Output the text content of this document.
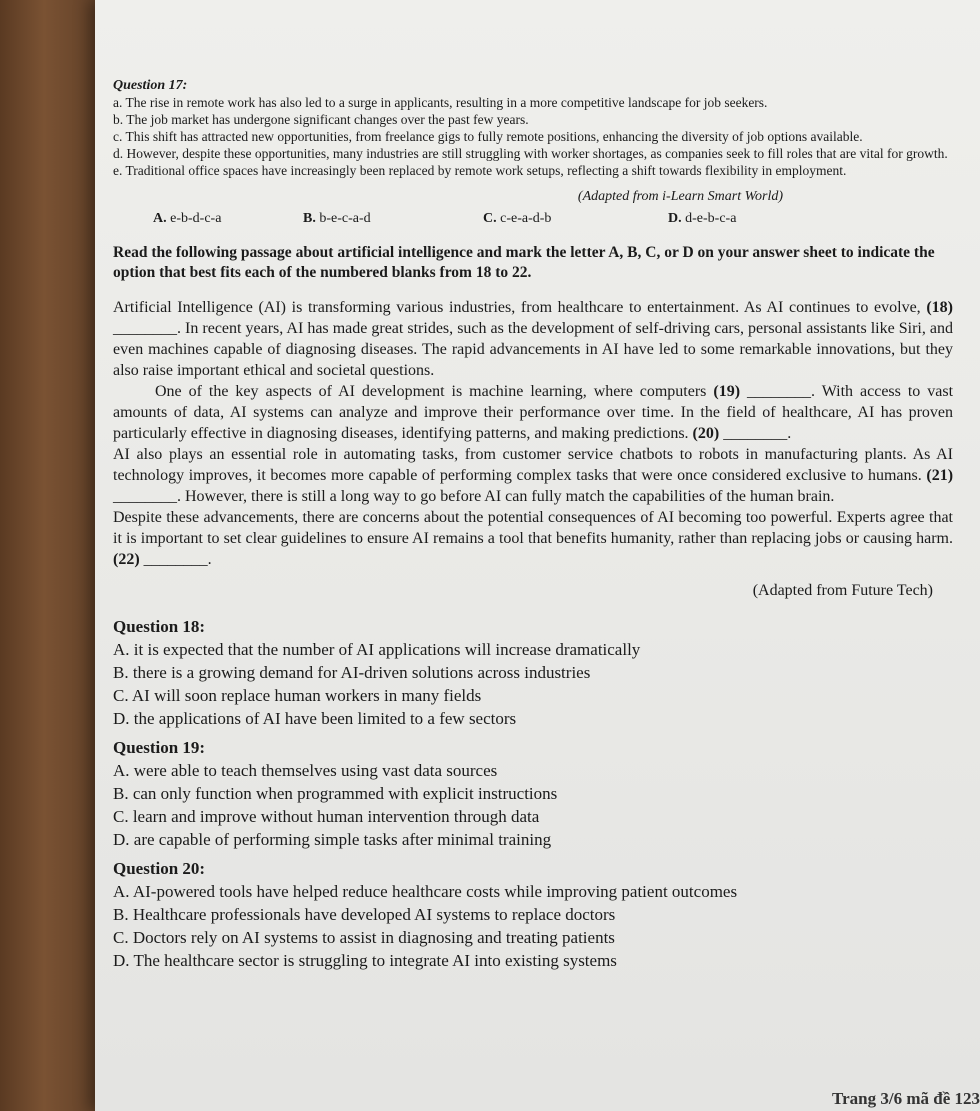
Question 17:

a. The rise in remote work has also led to a surge in applicants, resulting in a more competitive landscape for job seekers.

b. The job market has undergone significant changes over the past few years.

c. This shift has attracted new opportunities, from freelance gigs to fully remote positions, enhancing the diversity of job options available.

d. However, despite these opportunities, many industries are still struggling with worker shortages, as companies seek to fill roles that are vital for growth.

e. Traditional office spaces have increasingly been replaced by remote work setups, reflecting a shift towards flexibility in employment.

(Adapted from i-Learn Smart World)
A. e-b-d-c-a	B. b-e-c-a-d	C. c-e-a-d-b	D. d-e-b-c-a
Read the following passage about artificial intelligence and mark the letter A, B, C, or D on your answer sheet to indicate the option that best fits each of the numbered blanks from 18 to 22.

Artificial Intelligence (AI) is transforming various industries, from healthcare to entertainment. As AI continues to evolve, (18) ________. In recent years, AI has made great strides, such as the development of self-driving cars, personal assistants like Siri, and even machines capable of diagnosing diseases. The rapid advancements in AI have led to some remarkable innovations, but they also raise important ethical and societal questions.

One of the key aspects of AI development is machine learning, where computers (19) ________. With access to vast amounts of data, AI systems can analyze and improve their performance over time. In the field of healthcare, AI has proven particularly effective in diagnosing diseases, identifying patterns, and making predictions. (20) ________.

AI also plays an essential role in automating tasks, from customer service chatbots to robots in manufacturing plants. As AI technology improves, it becomes more capable of performing complex tasks that were once considered exclusive to humans. (21) ________. However, there is still a long way to go before AI can fully match the capabilities of the human brain.

Despite these advancements, there are concerns about the potential consequences of AI becoming too powerful. Experts agree that it is important to set clear guidelines to ensure AI remains a tool that benefits humanity, rather than replacing jobs or causing harm. (22) ________.

(Adapted from Future Tech)
Question 18:
A. it is expected that the number of AI applications will increase dramatically
B. there is a growing demand for AI-driven solutions across industries
C. AI will soon replace human workers in many fields
D. the applications of AI have been limited to a few sectors
Question 19:
A. were able to teach themselves using vast data sources
B. can only function when programmed with explicit instructions
C. learn and improve without human intervention through data
D. are capable of performing simple tasks after minimal training
Question 20:
A. AI-powered tools have helped reduce healthcare costs while improving patient outcomes
B. Healthcare professionals have developed AI systems to replace doctors
C. Doctors rely on AI systems to assist in diagnosing and treating patients
D. The healthcare sector is struggling to integrate AI into existing systems
Trang 3/6 mã đề 123
